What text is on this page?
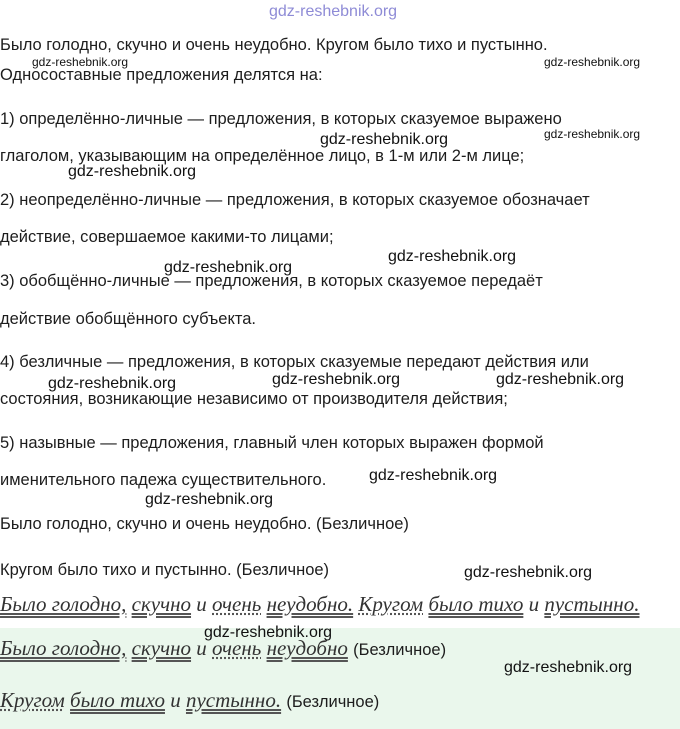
Было голодно, скучно и очень неудобно. Кругом было тихо и пустынно.
Односоставные предложения делятся на:
1) определённо-личные — предложения, в которых сказуемое выражено
глаголом, указывающим на определённое лицо, в 1-м или 2-м лице;
2) неопределённо-личные — предложения, в которых сказуемое обозначает
действие, совершаемое какими-то лицами;
3) обобщённо-личные — предложения, в которых сказуемое передаёт
действие обобщённого субъекта.
4) безличные — предложения, в которых сказуемые передают действия или
состояния, возникающие независимо от производителя действия;
5) назывные — предложения, главный член которых выражен формой
именительного падежа существительного.
Было голодно, скучно и очень неудобно. (Безличное)
Кругом было тихо и пустынно. (Безличное)
Было голодно, скучно и очень неудобно. Кругом было тихо и пустынно.
Было голодно, скучно и очень неудобно (Безличное)
Кругом было тихо и пустынно. (Безличное)
gdz-reshebnik.org
gdz-reshebnik.org	gdz-reshebnik.org
gdz-reshebnik.org
gdz-reshebnik.org
gdz-reshebnik.org
gdz-reshebnik.org
gdz-reshebnik.org
gdz-reshebnik.org	gdz-reshebnik.org
gdz-reshebnik.org
gdz-reshebnik.org
gdz-reshebnik.org
gdz-reshebnik.org
gdz-reshebnik.org
gdz-reshebnik.org
